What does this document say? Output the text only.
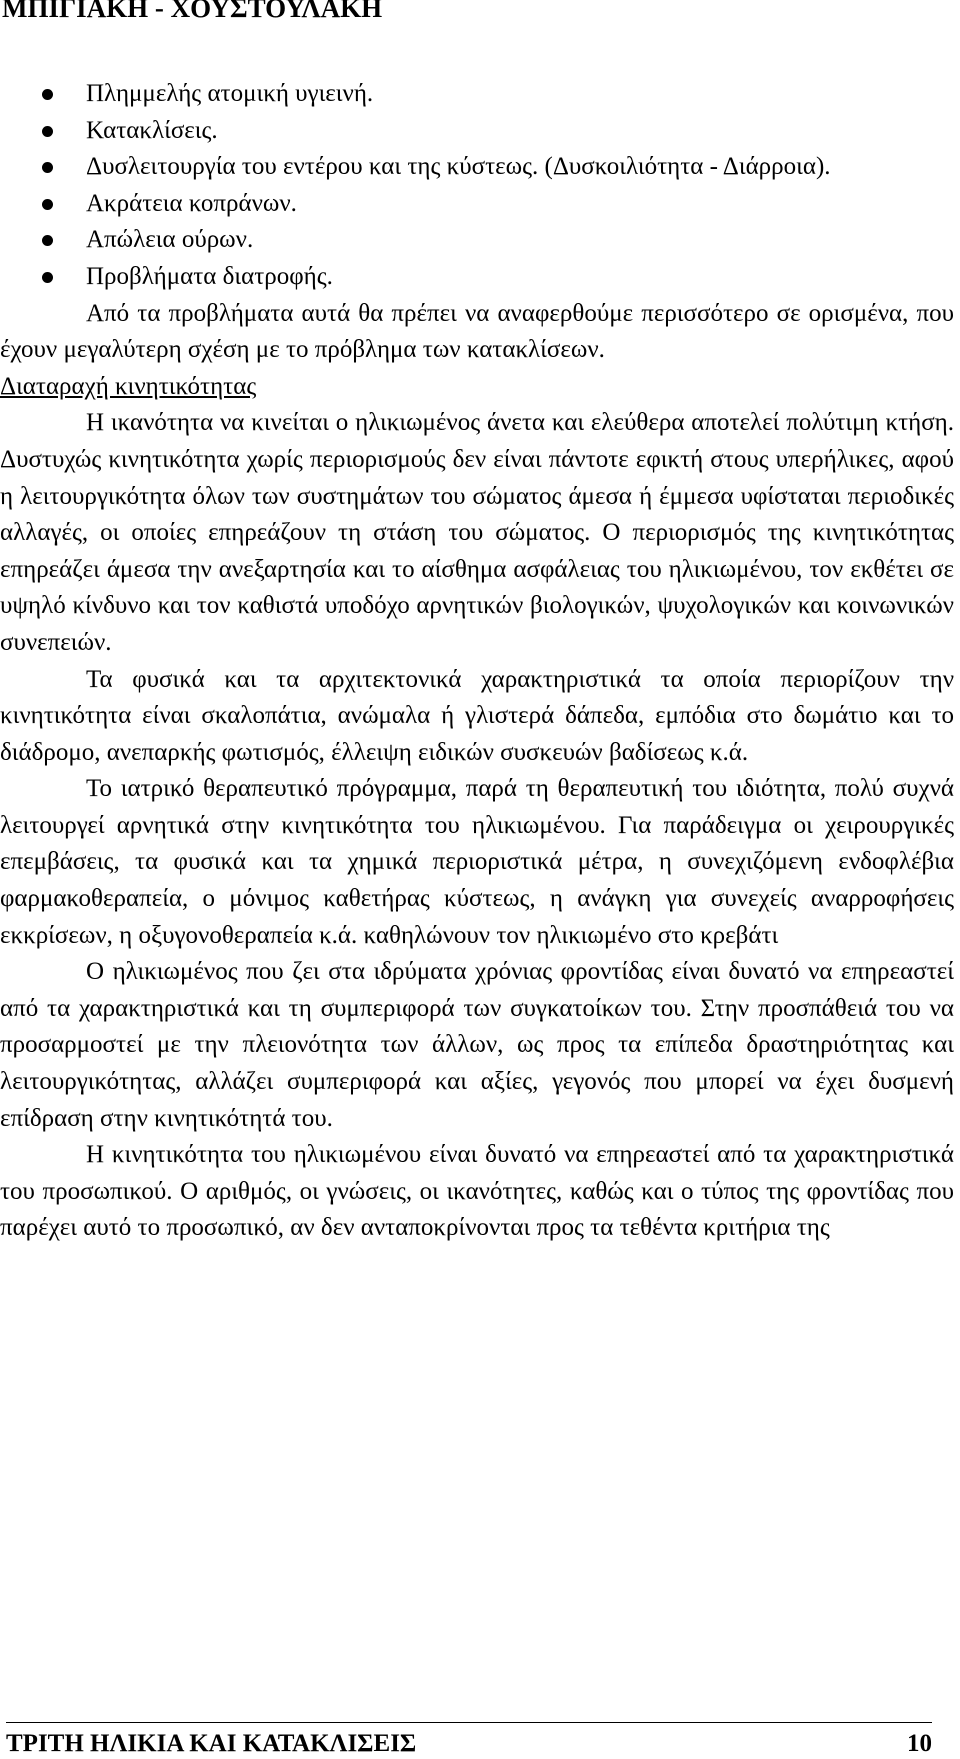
ΜΠΙΓΙΑΚΗ - ΧΟΥΣΤΟΥΛΑΚΗ
Πλημμελής ατομική υγιεινή.
Κατακλίσεις.
Δυσλειτουργία του εντέρου και της κύστεως. (Δυσκοιλιότητα - Διάρροια).
Ακράτεια κοπράνων.
Απώλεια ούρων.
Προβλήματα διατροφής.

Από τα προβλήματα αυτά θα πρέπει να αναφερθούμε περισσότερο σε ορισμένα, που έχουν μεγαλύτερη σχέση με το πρόβλημα των κατακλίσεων.

Διαταραχή κινητικότητας

Η ικανότητα να κινείται ο ηλικιωμένος άνετα και ελεύθερα αποτελεί πολύτιμη κτήση. Δυστυχώς κινητικότητα χωρίς περιορισμούς δεν είναι πάντοτε εφικτή στους υπερήλικες, αφού η λειτουργικότητα όλων των συστημάτων του σώματος άμεσα ή έμμεσα υφίσταται περιοδικές αλλαγές, οι οποίες επηρεάζουν τη στάση του σώματος. Ο περιορισμός της κινητικότητας επηρεάζει άμεσα την ανεξαρτησία και το αίσθημα ασφάλειας του ηλικιωμένου, τον εκθέτει σε υψηλό κίνδυνο και τον καθιστά υποδόχο αρνητικών βιολογικών, ψυχολογικών και κοινωνικών συνεπειών.

Τα φυσικά και τα αρχιτεκτονικά χαρακτηριστικά τα οποία περιορίζουν την κινητικότητα είναι σκαλοπάτια, ανώμαλα ή γλιστερά δάπεδα, εμπόδια στο δωμάτιο και το διάδρομο, ανεπαρκής φωτισμός, έλλειψη ειδικών συσκευών βαδίσεως κ.ά.

Το ιατρικό θεραπευτικό πρόγραμμα, παρά τη θεραπευτική του ιδιότητα, πολύ συχνά λειτουργεί αρνητικά στην κινητικότητα του ηλικιωμένου. Για παράδειγμα οι χειρουργικές επεμβάσεις, τα φυσικά και τα χημικά περιοριστικά μέτρα, η συνεχιζόμενη ενδοφλέβια φαρμακοθεραπεία, ο μόνιμος καθετήρας κύστεως, η ανάγκη για συνεχείς αναρροφήσεις εκκρίσεων, η οξυγονοθεραπεία κ.ά. καθηλώνουν τον ηλικιωμένο στο κρεβάτι

Ο ηλικιωμένος που ζει στα ιδρύματα χρόνιας φροντίδας είναι δυνατό να επηρεαστεί από τα χαρακτηριστικά και τη συμπεριφορά των συγκατοίκων του. Στην προσπάθειά του να προσαρμοστεί με την πλειονότητα των άλλων, ως προς τα επίπεδα δραστηριότητας και λειτουργικότητας, αλλάζει συμπεριφορά και αξίες, γεγονός που μπορεί να έχει δυσμενή επίδραση στην κινητικότητά του.

Η κινητικότητα του ηλικιωμένου είναι δυνατό να επηρεαστεί από τα χαρακτηριστικά του προσωπικού. Ο αριθμός, οι γνώσεις, οι ικανότητες, καθώς και ο τύπος της φροντίδας που παρέχει αυτό το προσωπικό, αν δεν ανταποκρίνονται προς τα τεθέντα κριτήρια της

ΤΡΙΤΗ ΗΛΙΚΙΑ ΚΑΙ ΚΑΤΑΚΛΙΣΕΙΣ	10
